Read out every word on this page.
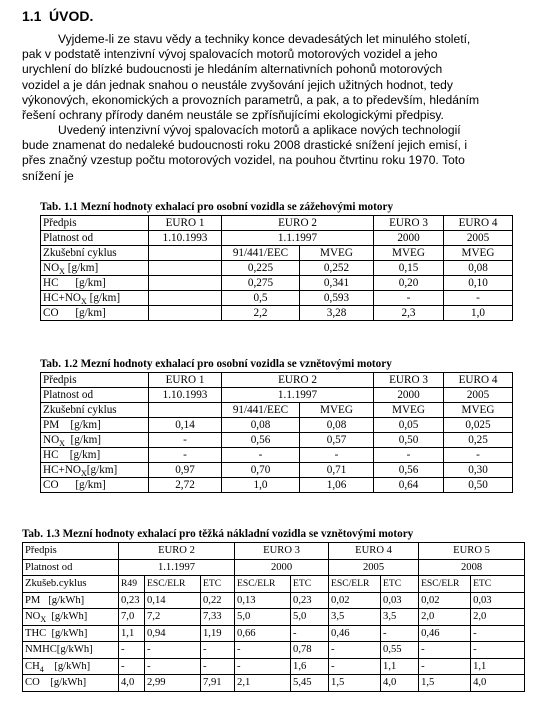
1.1 ÚVOD.
Vyjdeme-li ze stavu vědy a techniky konce devadesátých let minulého století,
pak v podstatě intenzivní vývoj spalovacích motorů motorových vozidel a jeho
urychlení do blízké budoucnosti je hledáním alternativních pohonů motorových
vozidel a je dán jednak snahou o neustále zvyšování jejich užitných hodnot, tedy
výkonových, ekonomických a provozních parametrů, a pak, a to především, hledáním
řešení ochrany přírody daném neustále se zpřísňujícími ekologickými předpisy.
Uvedený intenzivní vývoj spalovacích motorů a aplikace nových technologií
bude znamenat do nedaleké budoucnosti roku 2008 drastické snížení jejich emisí, i
přes značný vzestup počtu motorových vozidel, na pouhou čtvrtinu roku 1970. Toto
snížení je
Tab. 1.1 Mezní hodnoty exhalací pro osobní vozidla se zážehovými motory
Předpis	EURO 1	EURO 2		EURO 3	EURO 4
Platnost od	1.10.1993	1.1.1997		2000	2005
Zkušební cyklus		91/441/EEC	MVEG	MVEG	MVEG
$NO_X$ [g/km]		0,225	0,252	0,15	0,08
HC      [g/km]		0,275	0,341	0,20	0,10
$HC+NO_X$ [g/km]		0,5	0,593	-	-
CO      [g/km]		2,2	3,28	2,3	1,0
Tab. 1.2 Mezní hodnoty exhalací pro osobní vozidla se vznětovými motory
Předpis	EURO 1	EURO 2		EURO 3	EURO 4
Platnost od	1.10.1993	1.1.1997		2000	2005
Zkušební cyklus		91/441/EEC	MVEG	MVEG	MVEG
PM    [g/km]	0,14	0,08	0,08	0,05	0,025
$NO_X$  [g/km]	-	0,56	0,57	0,50	0,25
HC    [g/km]	-	-	-	-	-
$HC+NO_X[g/km]$	0,97	0,70	0,71	0,56	0,30
CO      [g/km]	2,72	1,0	1,06	0,64	0,50
Tab. 1.3 Mezní hodnoty exhalací pro těžká nákladní vozidla se vznětovými motory
Předpis	EURO 2			EURO 3		EURO 4		EURO 5	
Platnost od	1.1.1997			2000		2005		2008	
Zkušeb.cyklus	R49	ESC/ELR	ETC	ESC/ELR	ETC	ESC/ELR	ETC	ESC/ELR	ETC
PM   [g/kWh]	0,23	0,14	0,22	0,13	0,23	0,02	0,03	0,02	0,03
$NO_X$  [g/kWh]	7,0	7,2	7,33	5,0	5,0	3,5	3,5	2,0	2,0
THC  [g/kWh]	1,1	0,94	1,19	0,66	-	0,46	-	0,46	-
NMHC[g/kWh]	-	-	-	-	0,78	-	0,55	-	-
$CH_4$    [g/kWh]	-	-	-	-	1,6	-	1,1	-	1,1
CO    [g/kWh]	4,0	2,99	7,91	2,1	5,45	1,5	4,0	1,5	4,0
